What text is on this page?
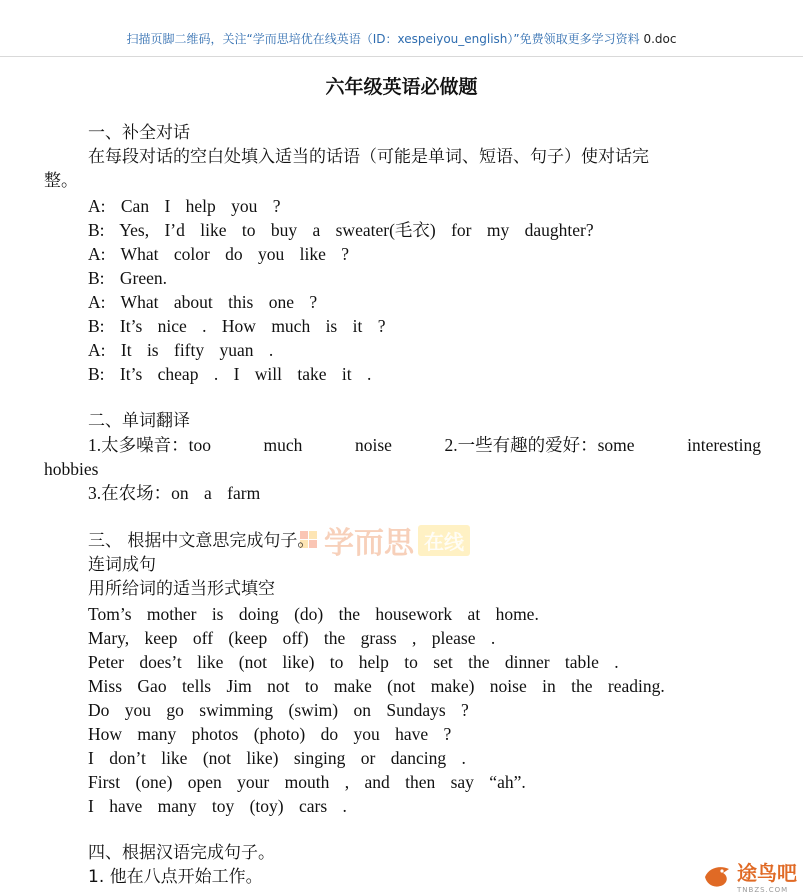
扫描页脚二维码，关注“学而思培优在线英语（ID：xespeiyou_english）”免费领取更多学习资料 0.doc
六年级英语必做题
一、补全对话
在每段对话的空白处填入适当的话语（可能是单词、短语、句子）使对话完
整。
A: Can I help you ?
B: Yes, I’d like to buy a sweater(毛衣) for my daughter?
A: What color do you like ?
B: Green.
A: What about this one ?
B: It’s nice . How much is it ?
A: It is fifty yuan .
B: It’s cheap . I will take it .
二、单词翻译
1.太多噪音：too	much	noise	2.一些有趣的爱好：some	interesting
hobbies
3.在农场：on a farm
学而思 在线
三、 根据中文意思完成句子。
连词成句
用所给词的适当形式填空
Tom’s mother is doing (do) the housework at home.
Mary, keep off (keep off) the grass , please .
Peter does’t like (not like) to help to set the dinner table .
Miss Gao tells Jim not to make (not make) noise in the reading.
Do you go swimming (swim) on Sundays ?
How many photos (photo) do you have ?
I don’t like (not like) singing or dancing .
First (one) open your mouth , and then say “ah”.
I have many toy (toy) cars .
四、根据汉语完成句子。
1. 他在八点开始工作。	途鸟吧
TNBZS.COM
